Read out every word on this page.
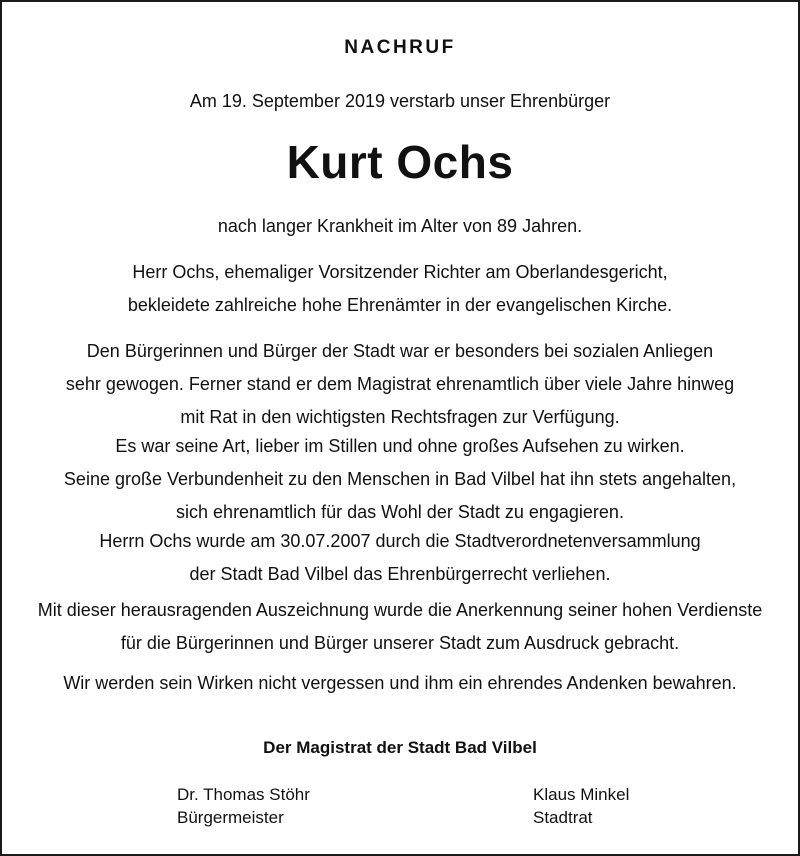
NACHRUF
Am 19. September 2019 verstarb unser Ehrenbürger
Kurt Ochs
nach langer Krankheit im Alter von 89 Jahren.
Herr Ochs, ehemaliger Vorsitzender Richter am Oberlandesgericht,
bekleidete zahlreiche hohe Ehrenämter in der evangelischen Kirche.
Den Bürgerinnen und Bürger der Stadt war er besonders bei sozialen Anliegen
sehr gewogen. Ferner stand er dem Magistrat ehrenamtlich über viele Jahre hinweg
mit Rat in den wichtigsten Rechtsfragen zur Verfügung.
Es war seine Art, lieber im Stillen und ohne großes Aufsehen zu wirken.
Seine große Verbundenheit zu den Menschen in Bad Vilbel hat ihn stets angehalten,
sich ehrenamtlich für das Wohl der Stadt zu engagieren.
Herrn Ochs wurde am 30.07.2007 durch die Stadtverordnetenversammlung
der Stadt Bad Vilbel das Ehrenbürgerrecht verliehen.
Mit dieser herausragenden Auszeichnung wurde die Anerkennung seiner hohen Verdienste
für die Bürgerinnen und Bürger unserer Stadt zum Ausdruck gebracht.
Wir werden sein Wirken nicht vergessen und ihm ein ehrendes Andenken bewahren.
Der Magistrat der Stadt Bad Vilbel
Dr. Thomas Stöhr
Bürgermeister
Klaus Minkel
Stadtrat
